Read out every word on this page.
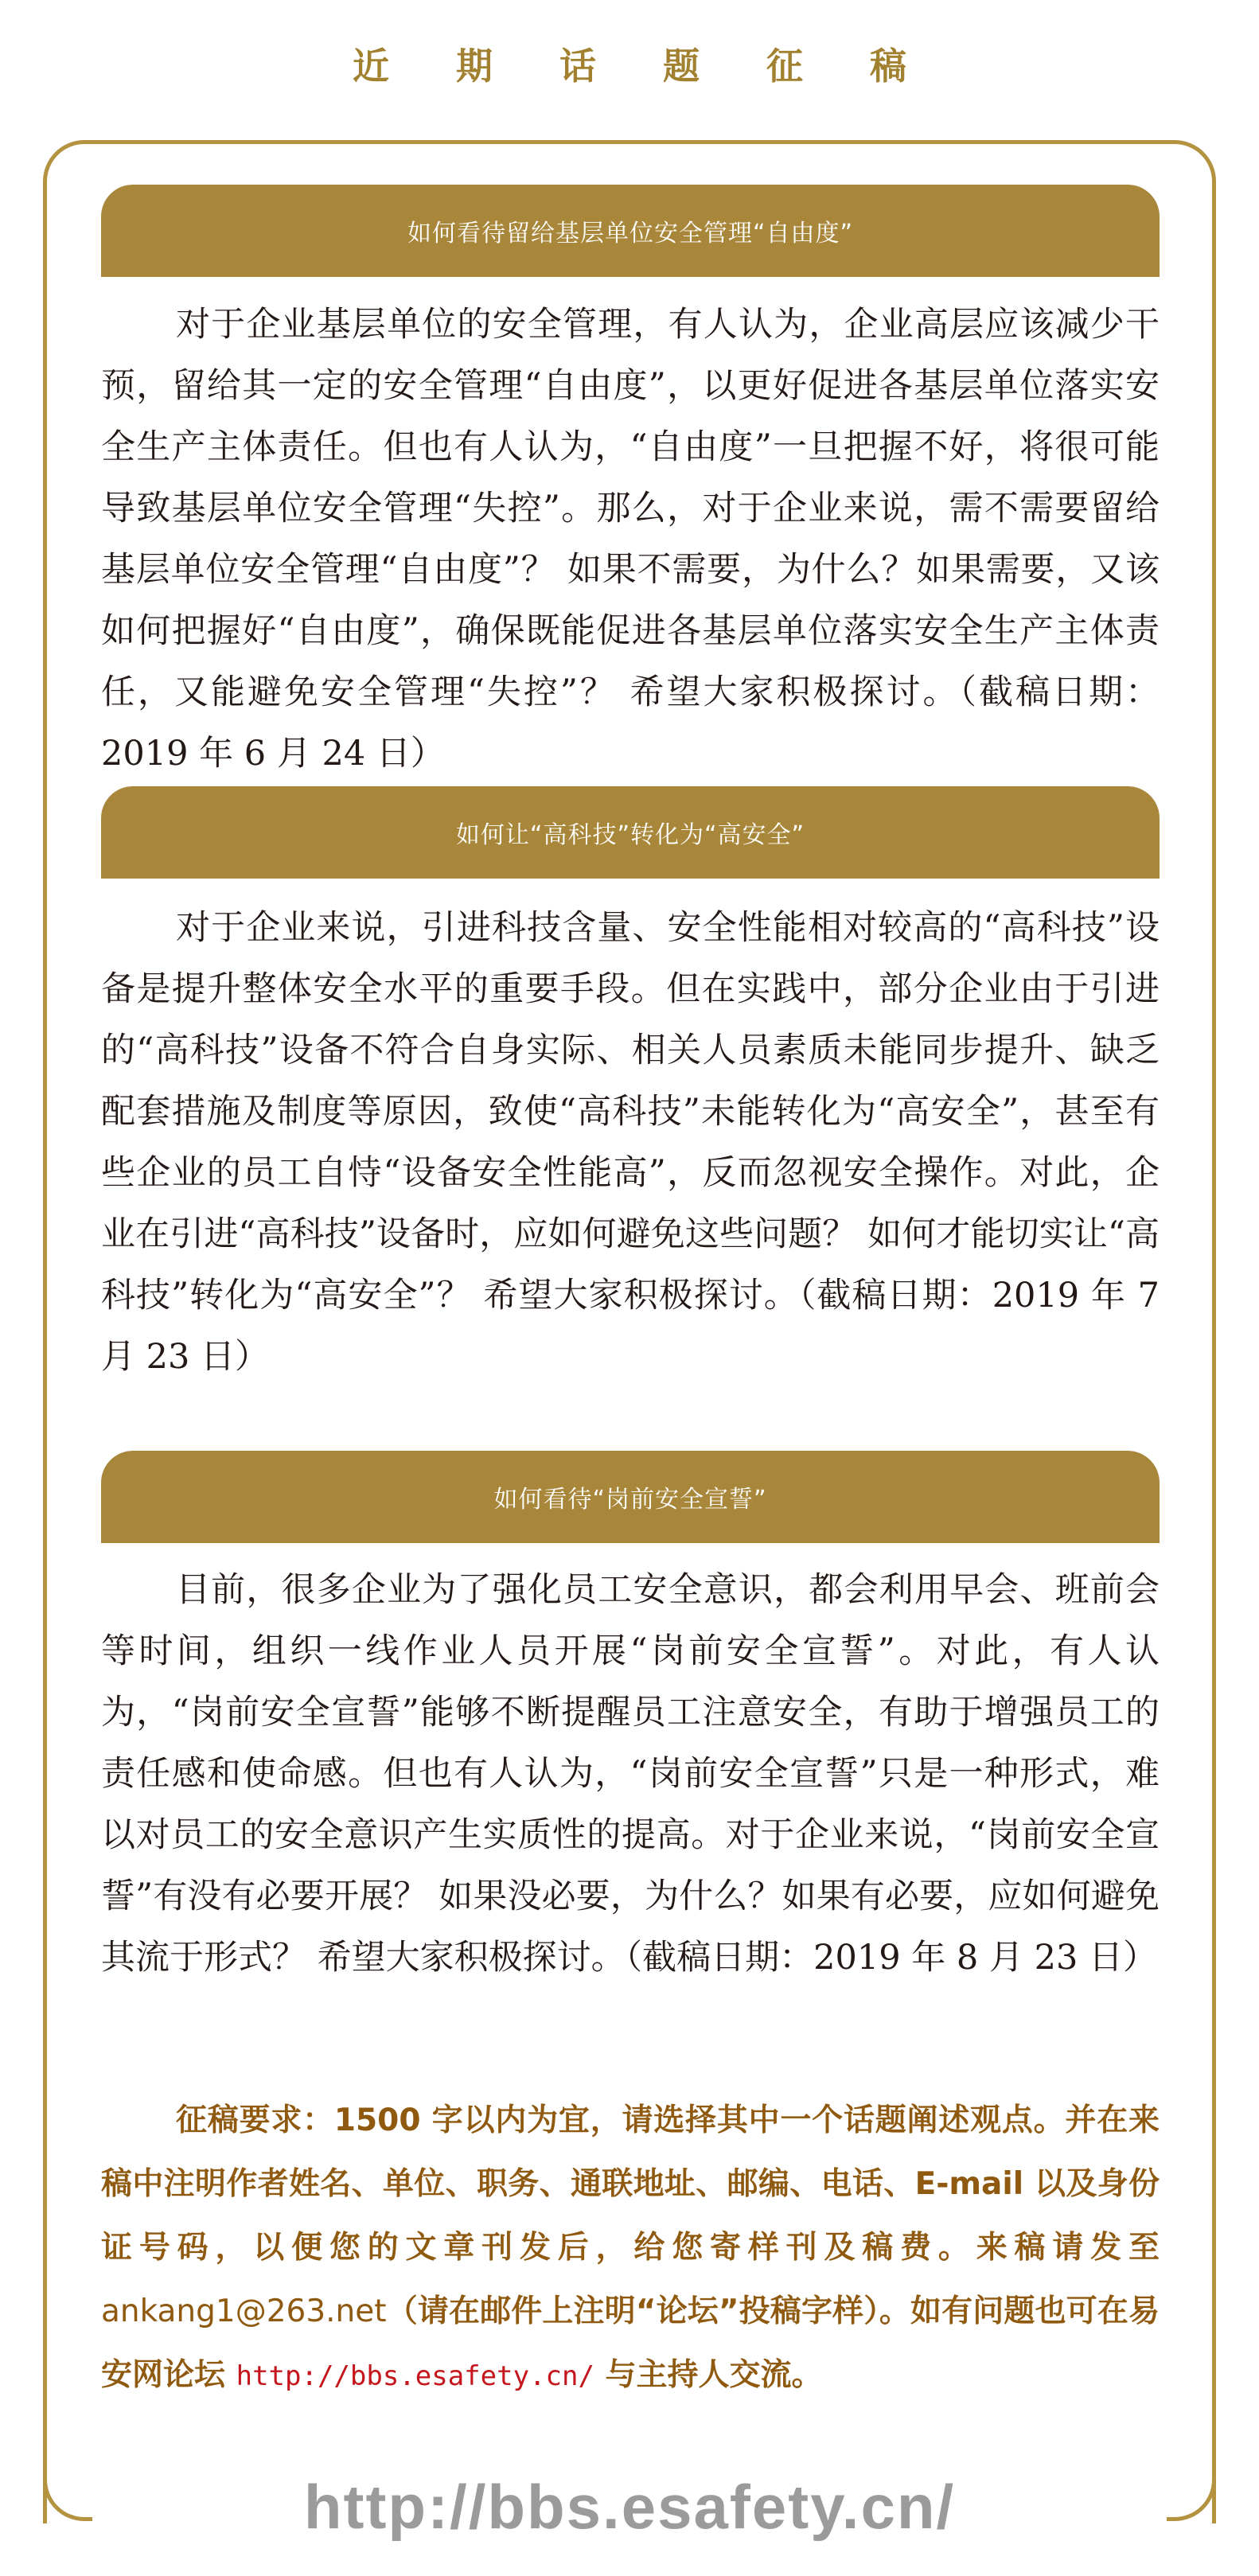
近期话题征稿
如何看待留给基层单位安全管理“自由度”

对于企业基层单位的安全管理，有人认为，企业高层应该减少干预，留给其一定的安全管理“自由度”，以更好促进各基层单位落实安全生产主体责任。但也有人认为，“自由度”一旦把握不好，将很可能导致基层单位安全管理“失控”。那么，对于企业来说，需不需要留给基层单位安全管理“自由度”？ 如果不需要，为什么？如果需要，又该如何把握好“自由度”，确保既能促进各基层单位落实安全生产主体责任，又能避免安全管理“失控”？ 希望大家积极探讨。（截稿日期：2019 年 6 月 24 日）

如何让“高科技”转化为“高安全”

对于企业来说，引进科技含量、安全性能相对较高的“高科技”设备是提升整体安全水平的重要手段。但在实践中，部分企业由于引进的“高科技”设备不符合自身实际、相关人员素质未能同步提升、缺乏配套措施及制度等原因，致使“高科技”未能转化为“高安全”，甚至有些企业的员工自恃“设备安全性能高”，反而忽视安全操作。对此，企业在引进“高科技”设备时，应如何避免这些问题？ 如何才能切实让“高科技”转化为“高安全”？ 希望大家积极探讨。（截稿日期：2019 年 7 月 23 日）

如何看待“岗前安全宣誓”

目前，很多企业为了强化员工安全意识，都会利用早会、班前会等时间，组织一线作业人员开展“岗前安全宣誓”。对此，有人认为，“岗前安全宣誓”能够不断提醒员工注意安全，有助于增强员工的责任感和使命感。但也有人认为，“岗前安全宣誓”只是一种形式，难以对员工的安全意识产生实质性的提高。对于企业来说，“岗前安全宣誓”有没有必要开展？ 如果没必要，为什么？如果有必要，应如何避免其流于形式？ 希望大家积极探讨。（截稿日期：2019 年 8 月 23 日）

征稿要求：1500 字以内为宜，请选择其中一个话题阐述观点。并在来稿中注明作者姓名、单位、职务、通联地址、邮编、电话、E-mail 以及身份证号码，以便您的文章刊发后，给您寄样刊及稿费。来稿请发至ankang1@263.net（请在邮件上注明“论坛”投稿字样）。如有问题也可在易安网论坛 http://bbs.esafety.cn/ 与主持人交流。

http://bbs.esafety.cn/
